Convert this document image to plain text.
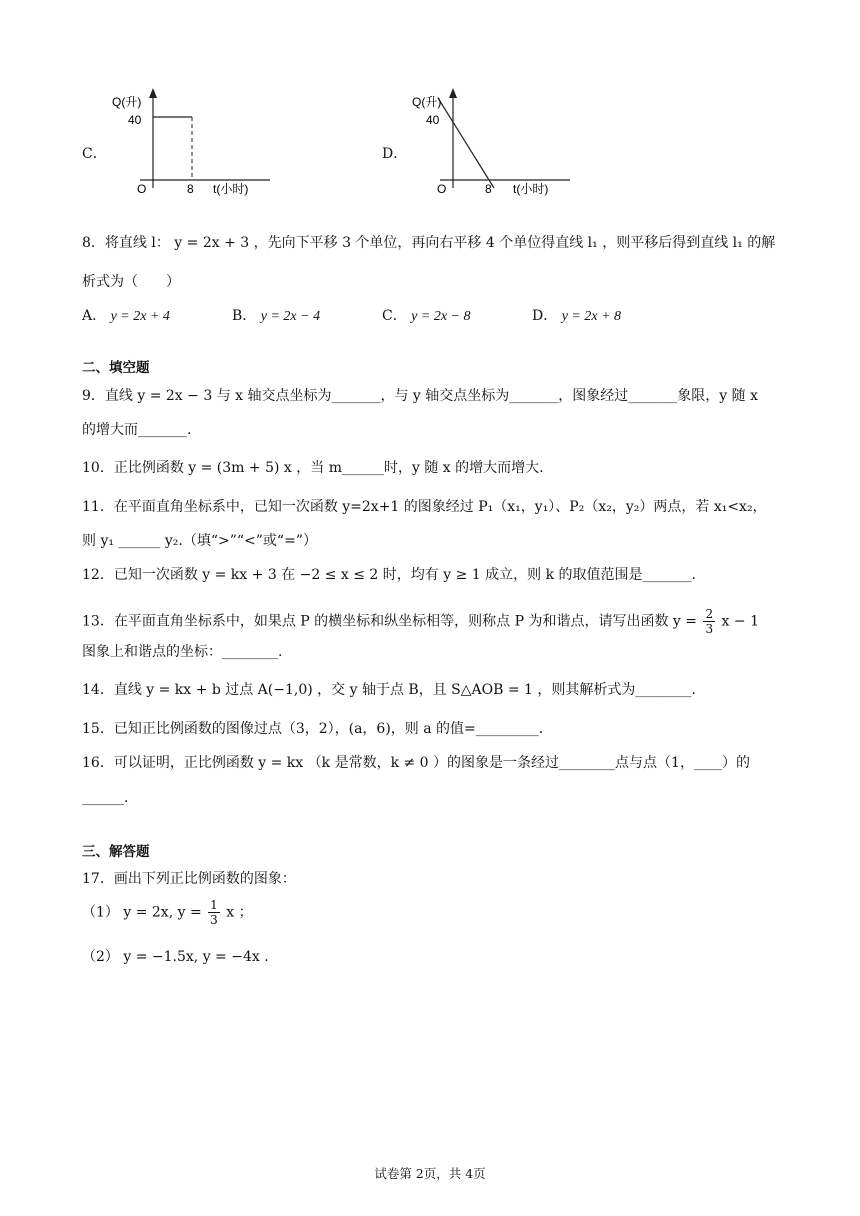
C．
Q(升)
40
O	8 t(小时)
D．
Q(升)
40
O	8 t(小时)
8．将直线 l： y = 2x + 3 ，先向下平移 3 个单位，再向右平移 4 个单位得直线 l₁ ，则平移后得到直线 l₁ 的解
析式为（　　）
A． y = 2x + 4	B． y = 2x − 4	C． y = 2x − 8	D． y = 2x + 8
二、填空题
9．直线 y = 2x − 3 与 x 轴交点坐标为_______，与 y 轴交点坐标为_______，图象经过_______象限，y 随 x
的增大而_______.
10．正比例函数 y = (3m + 5) x ，当 m______时，y 随 x 的增大而增大.
11．在平面直角坐标系中，已知一次函数 y=2x+1 的图象经过 P₁（x₁，y₁）、P₂（x₂，y₂）两点，若 x₁<x₂，
则 y₁ ______ y₂.（填“>”“<”或“=”）
12．已知一次函数 y = kx + 3 在 −2 ≤ x ≤ 2 时，均有 y ≥ 1 成立，则 k 的取值范围是_______.
13．在平面直角坐标系中，如果点 P 的横坐标和纵坐标相等，则称点 P 为和谐点，请写出函数 $y = \frac{2}{3}$ x − 1
图象上和谐点的坐标：________.
14．直线 y = kx + b 过点 A(−1,0) ，交 y 轴于点 B，且 S△AOB = 1 ，则其解析式为________.
15．已知正比例函数的图像过点（3，2），(a，6)，则 a 的值=_________.
16．可以证明，正比例函数 y = kx （k 是常数，k ≠ 0 ）的图象是一条经过________点与点（1，____）的
______.
三、解答题
17．画出下列正比例函数的图象：
（1） y = 2x, $y = \frac{1}{3}$ x ；
（2） y = −1.5x, y = −4x .
试卷第 2页，共 4页
